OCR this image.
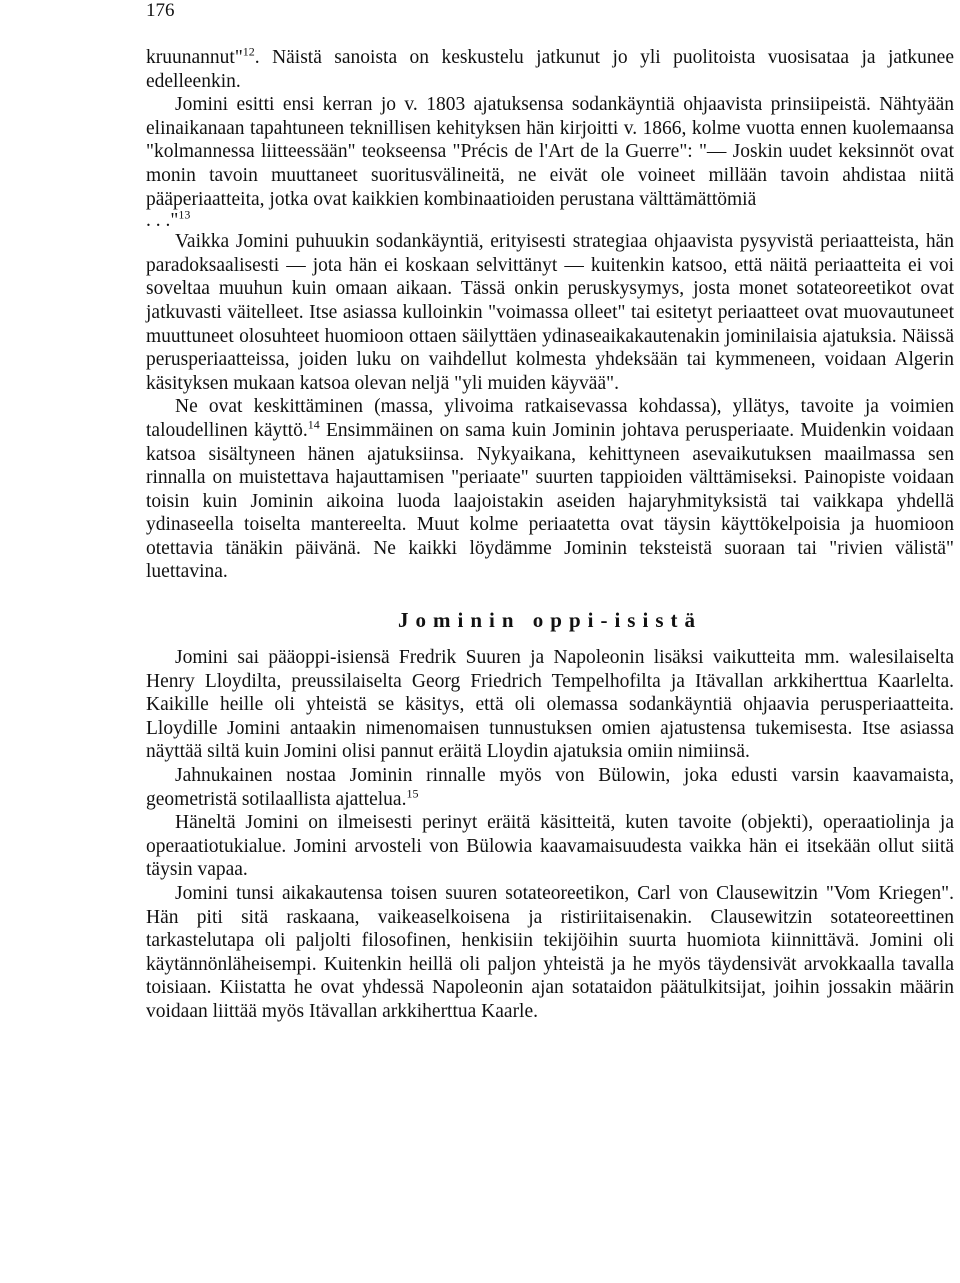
176

kruunannut"$^{12}$. Näistä sanoista on keskustelu jatkunut jo yli puolitoista vuosisataa ja jatkunee edelleenkin.

Jomini esitti ensi kerran jo v. 1803 ajatuksensa sodankäyntiä ohjaavista prinsiipeistä. Nähtyään elinaikanaan tapahtuneen teknillisen kehityksen hän kirjoitti v. 1866, kolme vuotta ennen kuolemaansa "kolmannessa liitteessään" teokseensa "Précis de l'Art de la Guerre": "— Joskin uudet keksinnöt ovat monin tavoin muuttaneet suoritusvälineitä, ne eivät ole voineet millään tavoin ahdistaa niitä pääperiaatteita, jotka ovat kaikkien kombinaatioiden perustana välttämättömiä

. . ."$^{13}$

Vaikka Jomini puhuukin sodankäyntiä, erityisesti strategiaa ohjaavista pysyvistä periaatteista, hän paradoksaalisesti — jota hän ei koskaan selvittänyt — kuitenkin katsoo, että näitä periaatteita ei voi soveltaa muuhun kuin omaan aikaan. Tässä onkin peruskysymys, josta monet sotateoreetikot ovat jatkuvasti väitelleet. Itse asiassa kulloinkin "voimassa olleet" tai esitetyt periaatteet ovat muovautuneet muuttuneet olosuhteet huomioon ottaen säilyttäen ydinaseaikakautenakin jominilaisia ajatuksia. Näissä perusperiaatteissa, joiden luku on vaihdellut kolmesta yhdeksään tai kymmeneen, voidaan Algerin käsityksen mukaan katsoa olevan neljä "yli muiden käyvää".

Ne ovat keskittäminen (massa, ylivoima ratkaisevassa kohdassa), yllätys, tavoite ja voimien taloudellinen käyttö.$^{14}$ Ensimmäinen on sama kuin Jominin johtava perusperiaate. Muidenkin voidaan katsoa sisältyneen hänen ajatuksiinsa. Nykyaikana, kehittyneen asevaikutuksen maailmassa sen rinnalla on muistettava hajauttamisen "periaate" suurten tappioiden välttämiseksi. Painopiste voidaan toisin kuin Jominin aikoina luoda laajoistakin aseiden hajaryhmityksistä tai vaikkapa yhdellä ydinaseella toiselta mantereelta. Muut kolme periaatetta ovat täysin käyttökelpoisia ja huomioon otettavia tänäkin päivänä. Ne kaikki löydämme Jominin teksteistä suoraan tai "rivien välistä" luettavina.

Jominin oppi-isistä

Jomini sai pääoppi-isiensä Fredrik Suuren ja Napoleonin lisäksi vaikutteita mm. walesilaiselta Henry Lloydilta, preussilaiselta Georg Friedrich Tempelhofilta ja Itävallan arkkiherttua Kaarlelta. Kaikille heille oli yhteistä se käsitys, että oli olemassa sodankäyntiä ohjaavia perusperiaatteita. Lloydille Jomini antaakin nimenomaisen tunnustuksen omien ajatustensa tukemisesta. Itse asiassa näyttää siltä kuin Jomini olisi pannut eräitä Lloydin ajatuksia omiin nimiinsä.

Jahnukainen nostaa Jominin rinnalle myös von Bülowin, joka edusti varsin kaavamaista, geometristä sotilaallista ajattelua.$^{15}$

Häneltä Jomini on ilmeisesti perinyt eräitä käsitteitä, kuten tavoite (objekti), operaatiolinja ja operaatiotukialue. Jomini arvosteli von Bülowia kaavamaisuudesta vaikka hän ei itsekään ollut siitä täysin vapaa.

Jomini tunsi aikakautensa toisen suuren sotateoreetikon, Carl von Clausewitzin "Vom Kriegen". Hän piti sitä raskaana, vaikeaselkoisena ja ristiriitaisenakin. Clausewitzin sotateoreettinen tarkastelutapa oli paljolti filosofinen, henkisiin tekijöihin suurta huomiota kiinnittävä. Jomini oli käytännönläheisempi. Kuitenkin heillä oli paljon yhteistä ja he myös täydensivät arvokkaalla tavalla toisiaan. Kiistatta he ovat yhdessä Napoleonin ajan sotataidon päätulkitsijat, joihin jossakin määrin voidaan liittää myös Itävallan arkkiherttua Kaarle.
